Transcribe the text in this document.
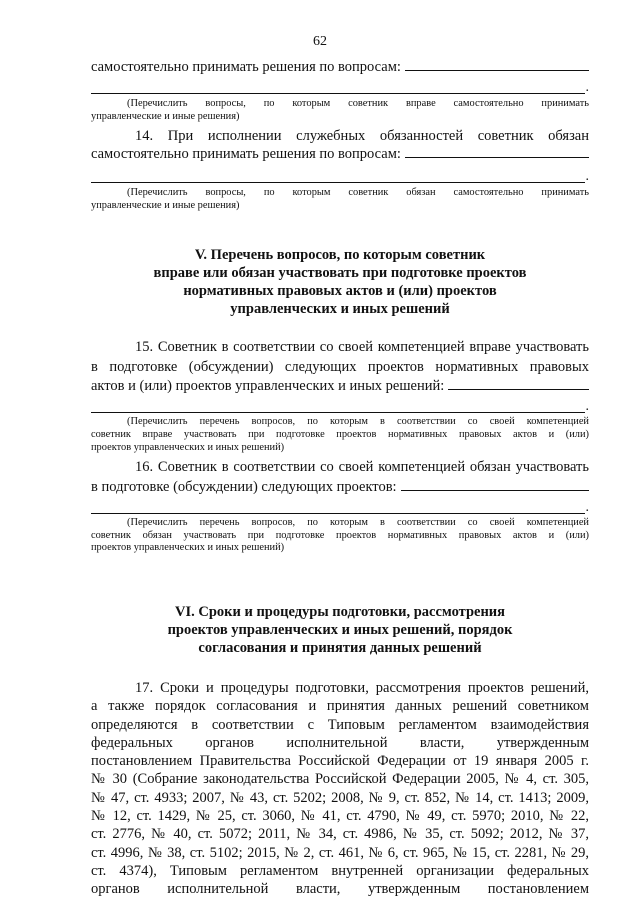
62
самостоятельно принимать решения по вопросам:
.
(Перечислить вопросы, по которым советник вправе самостоятельно принимать
управленческие и иные решения)
14. При исполнении служебных обязанностей советник обязан
самостоятельно принимать решения по вопросам:
.
(Перечислить вопросы, по которым советник обязан самостоятельно принимать
управленческие и иные решения)
V. Перечень вопросов, по которым советник
вправе или обязан участвовать при подготовке проектов
нормативных правовых актов и (или) проектов
управленческих и иных решений
15. Советник в соответствии со своей компетенцией вправе участвовать
в подготовке (обсуждении) следующих проектов нормативных правовых
актов и (или) проектов управленческих и иных решений:
.
(Перечислить перечень вопросов, по которым в соответствии со своей компетенцией
советник вправе участвовать при подготовке проектов нормативных правовых актов и (или)
проектов управленческих и иных решений)
16. Советник в соответствии со своей компетенцией обязан участвовать
в подготовке (обсуждении) следующих проектов:
.
(Перечислить перечень вопросов, по которым в соответствии со своей компетенцией
советник обязан участвовать при подготовке проектов нормативных правовых актов и (или)
проектов управленческих и иных решений)
VI. Сроки и процедуры подготовки, рассмотрения
проектов управленческих и иных решений, порядок
согласования и принятия данных решений
17. Сроки и процедуры подготовки, рассмотрения проектов решений,
а также порядок согласования и принятия данных решений советником
определяются в соответствии с Типовым регламентом взаимодействия
федеральных органов исполнительной власти, утвержденным
постановлением Правительства Российской Федерации от 19 января 2005 г.
№ 30 (Собрание законодательства Российской Федерации 2005, № 4, ст. 305,
№ 47, ст. 4933; 2007, № 43, ст. 5202; 2008, № 9, ст. 852, № 14, ст. 1413; 2009,
№ 12, ст. 1429, № 25, ст. 3060, № 41, ст. 4790, № 49, ст. 5970; 2010, № 22,
ст. 2776, № 40, ст. 5072; 2011, № 34, ст. 4986, № 35, ст. 5092; 2012, № 37,
ст. 4996, № 38, ст. 5102; 2015, № 2, ст. 461, № 6, ст. 965, № 15, ст. 2281, № 29,
ст. 4374), Типовым регламентом внутренней организации федеральных
органов исполнительной власти, утвержденным постановлением
